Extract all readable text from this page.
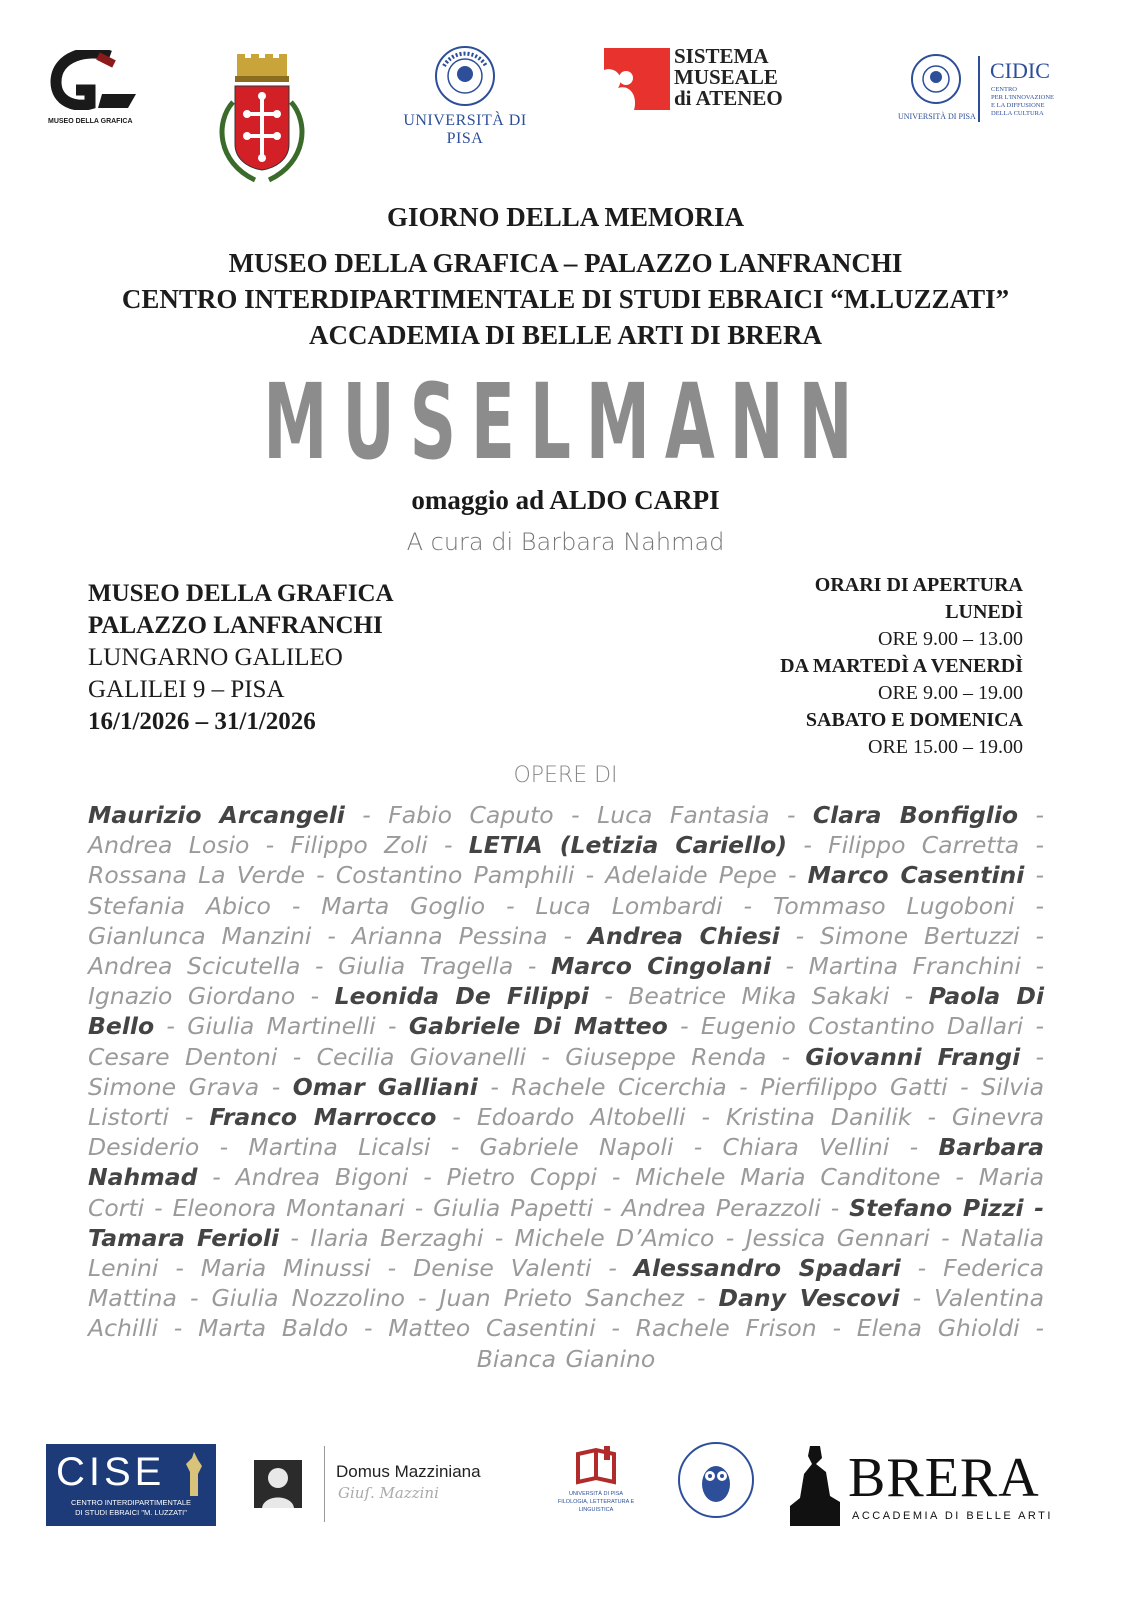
MUSEO DELLA GRAFICA	UNIVERSITÀ DI PISA
SISTEMA
MUSEALE
di ATENEO
UNIVERSITÀ DI PISA
CIDIC
CENTRO
PER L'INNOVAZIONE
E LA DIFFUSIONE
DELLA CULTURA
GIORNO DELLA MEMORIA
MUSEO DELLA GRAFICA – PALAZZO LANFRANCHI
CENTRO INTERDIPARTIMENTALE DI STUDI EBRAICI “M.LUZZATI”
ACCADEMIA DI BELLE ARTI DI BRERA
MUSELMANN
omaggio ad ALDO CARPI
A cura di Barbara Nahmad
MUSEO DELLA GRAFICA
PALAZZO LANFRANCHI
LUNGARNO GALILEO
GALILEI 9 – PISA
16/1/2026 – 31/1/2026
ORARI DI APERTURA
LUNEDÌ
ORE 9.00 – 13.00
DA MARTEDÌ A VENERDÌ
ORE 9.00 – 19.00
SABATO E DOMENICA
ORE 15.00 – 19.00
OPERE DI
Maurizio Arcangeli - Fabio Caputo - Luca Fantasia - Clara Bonfiglio - Andrea Losio - Filippo Zoli - LETIA (Letizia Cariello) - Filippo Carretta - Rossana La Verde - Costantino Pamphili - Adelaide Pepe - Marco Casentini - Stefania Abico - Marta Goglio - Luca Lombardi - Tommaso Lugoboni - Gianlunca Manzini - Arianna Pessina - Andrea Chiesi - Simone Bertuzzi - Andrea Scicutella - Giulia Tragella - Marco Cingolani - Martina Franchini - Ignazio Giordano - Leonida De Filippi - Beatrice Mika Sakaki - Paola Di Bello - Giulia Martinelli - Gabriele Di Matteo - Eugenio Costantino Dallari - Cesare Dentoni - Cecilia Giovanelli - Giuseppe Renda - Giovanni Frangi - Simone Grava - Omar Galliani - Rachele Cicerchia - Pierfilippo Gatti - Silvia Listorti - Franco Marrocco - Edoardo Altobelli - Kristina Danilik - Ginevra Desiderio - Martina Licalsi - Gabriele Napoli - Chiara Vellini - Barbara Nahmad - Andrea Bigoni - Pietro Coppi - Michele Maria Canditone - Maria Corti - Eleonora Montanari - Giulia Papetti - Andrea Perazzoli - Stefano Pizzi - Tamara Ferioli - Ilaria Berzaghi - Michele D’Amico - Jessica Gennari - Natalia Lenini - Maria Minussi - Denise Valenti - Alessandro Spadari - Federica Mattina - Giulia Nozzolino - Juan Prieto Sanchez - Dany Vescovi - Valentina Achilli - Marta Baldo - Matteo Casentini - Rachele Frison - Elena Ghioldi - Bianca Gianino
CISE
CENTRO INTERDIPARTIMENTALE
DI STUDI EBRAICI "M. LUZZATI"
Domus Mazziniana
Giuſ. Mazzini	UNIVERSITÀ DI PISA
FILOLOGIA, LETTERATURA E LINGUISTICA
BRERA
ACCADEMIA DI BELLE ARTI
